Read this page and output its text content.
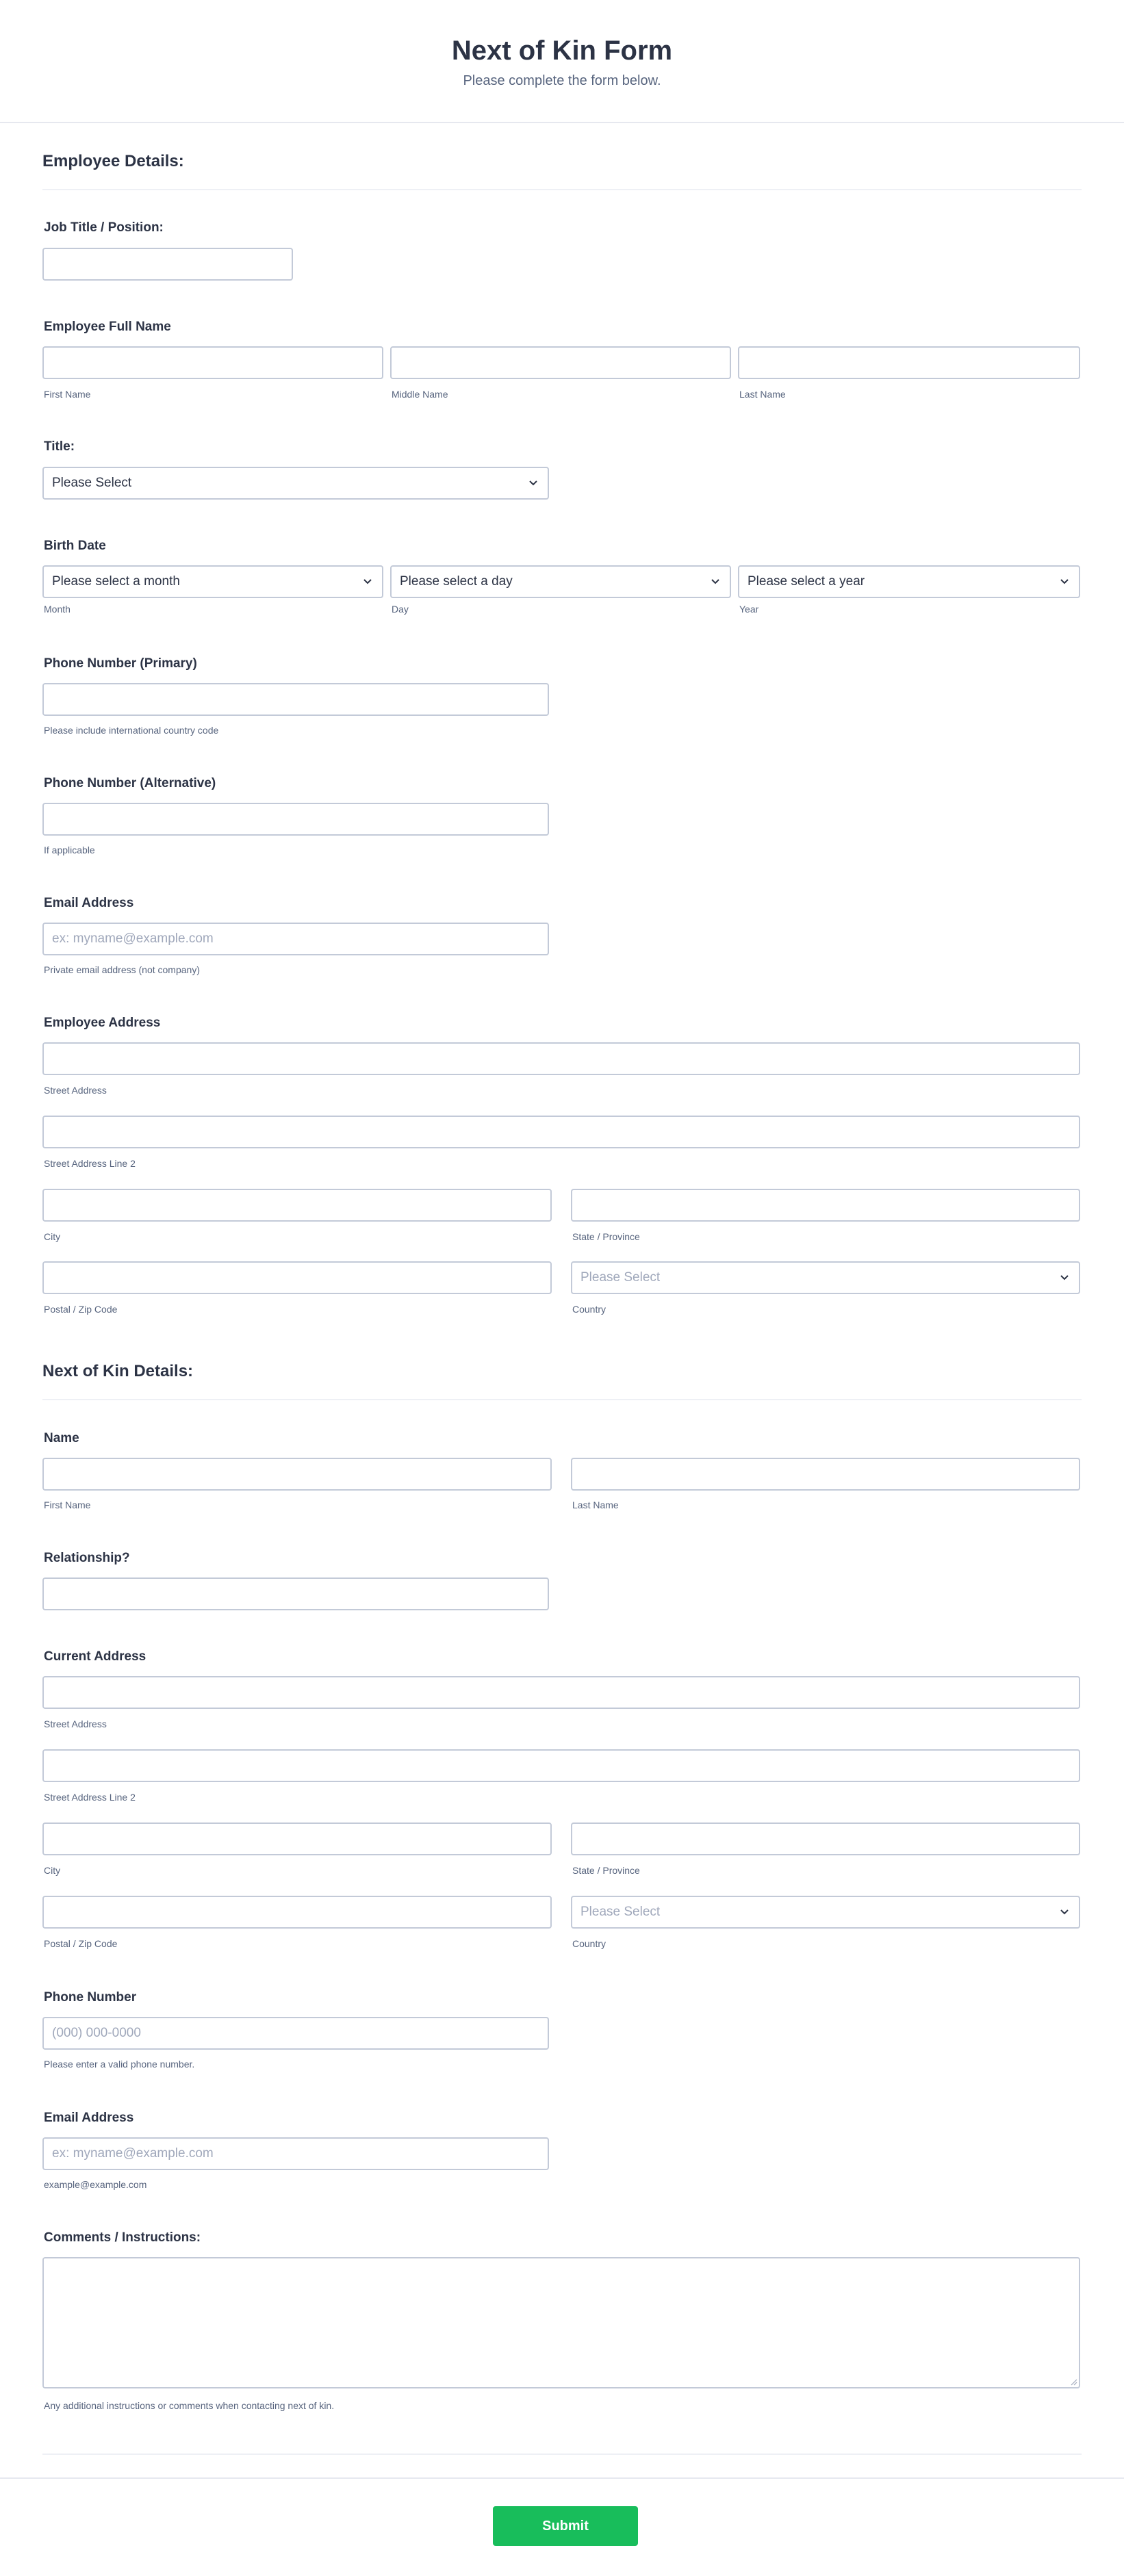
Next of Kin Form

Please complete the form below.

Employee Details:
Job Title / Position:
Employee Full Name
First Name	Middle Name	Last Name
Title:
Please Select
Birth Date
Please select a month	Please select a day	Please select a year
Month	Day	Year
Phone Number (Primary)
Please include international country code
Phone Number (Alternative)
If applicable
Email Address
ex: myname@example.com
Private email address (not company)
Employee Address
Street Address
Street Address Line 2
City	State / Province
Please Select
Postal / Zip Code	Country
Next of Kin Details:
Name
First Name	Last Name
Relationship?
Current Address
Street Address
Street Address Line 2
City	State / Province
Please Select
Postal / Zip Code	Country
Phone Number
(000) 000-0000
Please enter a valid phone number.
Email Address
ex: myname@example.com
example@example.com
Comments / Instructions:
Any additional instructions or comments when contacting next of kin.
Submit
